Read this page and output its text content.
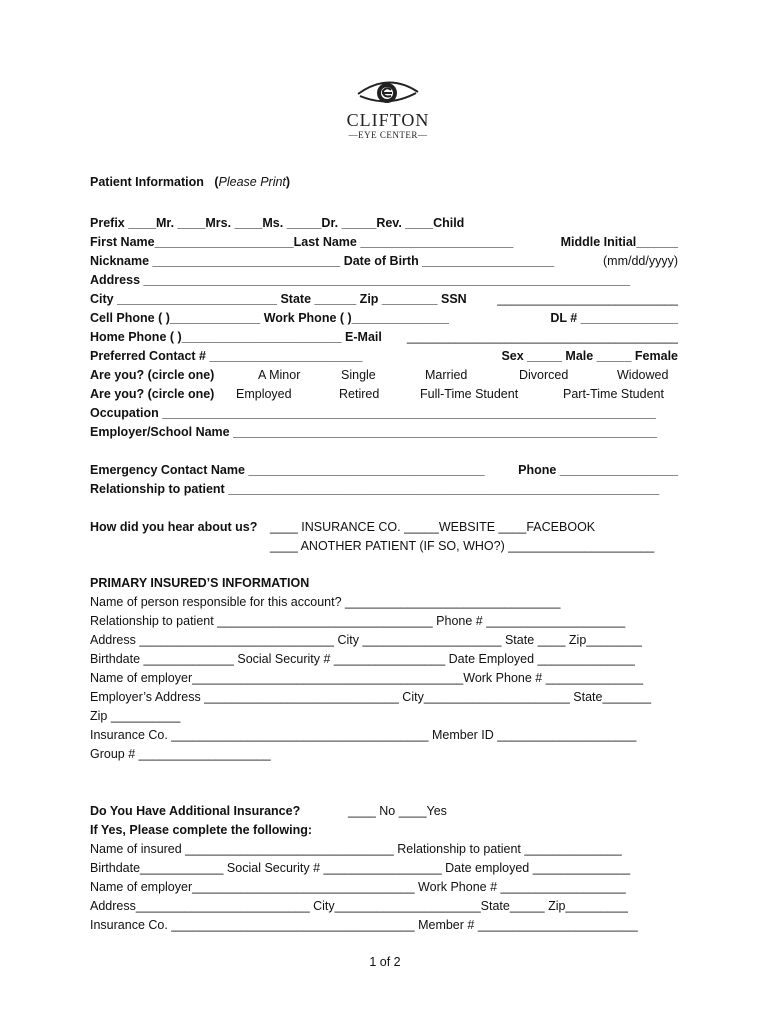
CLIFTON
—EYE CENTER—
Patient Information (Please Print)
Prefix ____Mr. ____Mrs. ____Ms. _____Dr. _____Rev. ____Child
First Name____________________Last Name ______________________	Middle Initial______
Nickname ___________________________ Date of Birth ___________________	(mm/dd/yyyy)
Address ______________________________________________________________________
City _______________________ State ______ Zip ________ SSN __________________________
Cell Phone ( )_____________ Work Phone ( )______________	DL # ______________
Home Phone ( )_______________________ E-Mail _______________________________________
Preferred Contact # ______________________	Sex _____ Male _____ Female
Are you? (circle one)	A Minor	Single	Married	Divorced	Widowed
Are you? (circle one) Employed	Retired	Full-Time Student	Part-Time Student
Occupation _______________________________________________________________________
Employer/School Name _____________________________________________________________
Emergency Contact Name __________________________________	Phone _________________
Relationship to patient ______________________________________________________________
How did you hear about us? ____ INSURANCE CO. _____WEBSITE ____FACEBOOK
____ ANOTHER PATIENT (IF SO, WHO?) _____________________
PRIMARY INSURED’S INFORMATION
Name of person responsible for this account? _______________________________
Relationship to patient _______________________________ Phone # ____________________
Address ____________________________ City ____________________ State ____ Zip________
Birthdate _____________ Social Security # ________________ Date Employed ______________
Name of employer_______________________________________Work Phone # ______________
Employer’s Address ____________________________ City_____________________ State_______
Zip __________
Insurance Co. _____________________________________ Member ID ____________________
Group # ___________________
Do You Have Additional Insurance?	____ No ____Yes
If Yes, Please complete the following:
Name of insured ______________________________ Relationship to patient ______________
Birthdate____________ Social Security # _________________ Date employed ______________
Name of employer________________________________ Work Phone # __________________
Address_________________________ City_____________________State_____ Zip_________
Insurance Co. ___________________________________ Member # _______________________
1 of 2
